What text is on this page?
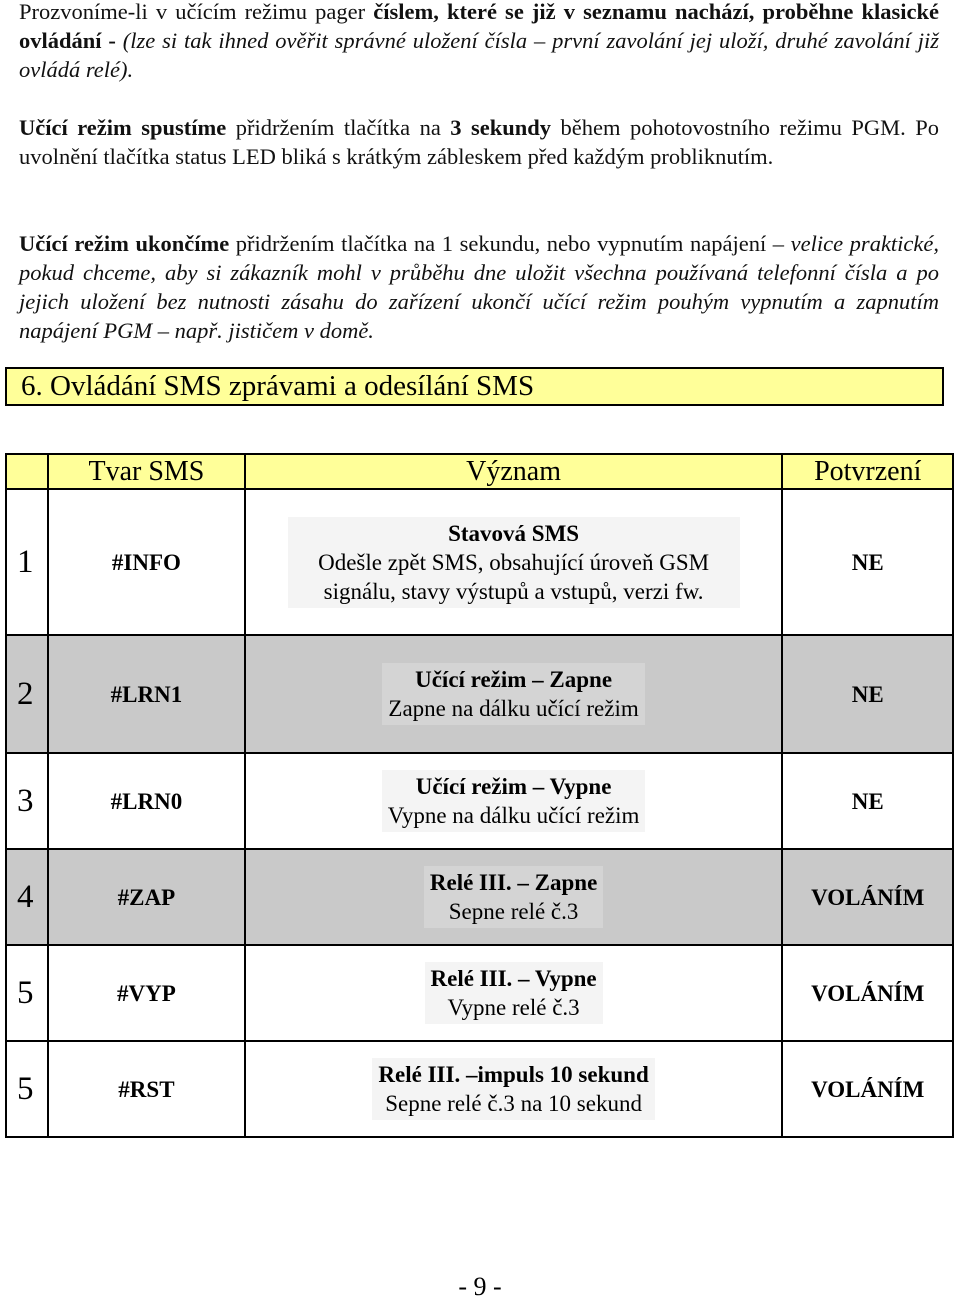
Prozvoníme-li v učícím režimu pager číslem, které se již v seznamu nachází, proběhne klasické ovládání - (lze si tak ihned ověřit správné uložení čísla – první zavolání jej uloží, druhé zavolání již ovládá relé).

Učící režim spustíme přidržením tlačítka na 3 sekundy během pohotovostního režimu PGM. Po uvolnění tlačítka status LED bliká s krátkým zábleskem před každým probliknutím.

Učící režim ukončíme přidržením tlačítka na 1 sekundu, nebo vypnutím napájení – velice praktické, pokud chceme, aby si zákazník mohl v průběhu dne uložit všechna používaná telefonní čísla a po jejich uložení bez nutnosti zásahu do zařízení ukončí učící režim pouhým vypnutím a zapnutím napájení PGM – např. jističem v domě.

6. Ovládání SMS zprávami a odesílání SMS
	Tvar SMS	Význam	Potvrzení
1	#INFO	Stavová SMS
Odešle zpět SMS, obsahující úroveň GSM signálu, stavy výstupů a vstupů, verzi fw.	NE
2	#LRN1	Učící režim – Zapne
Zapne na dálku učící režim	NE
3	#LRN0	Učící režim – Vypne
Vypne na dálku učící režim	NE
4	#ZAP	Relé III. – Zapne
Sepne relé č.3	VOLÁNÍM
5	#VYP	Relé III. – Vypne
Vypne relé č.3	VOLÁNÍM
5	#RST	Relé III. –impuls 10 sekund
Sepne relé č.3 na 10 sekund	VOLÁNÍM
- 9 -
